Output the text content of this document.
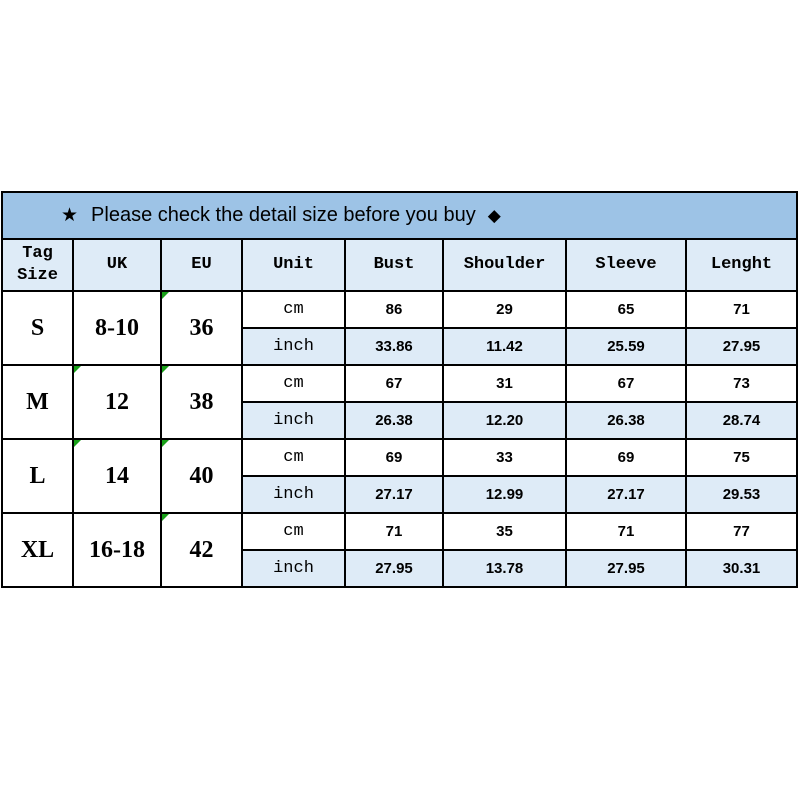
★ Please check the detail size before you buy ◆
Tag Size	UK	EU	Unit	Bust	Shoulder	Sleeve	Lenght
S	8-10	36	cm	86	29	65	71
			inch	33.86	11.42	25.59	27.95
M	12	38	cm	67	31	67	73
			inch	26.38	12.20	26.38	28.74
L	14	40	cm	69	33	69	75
			inch	27.17	12.99	27.17	29.53
XL	16-18	42	cm	71	35	71	77
			inch	27.95	13.78	27.95	30.31
